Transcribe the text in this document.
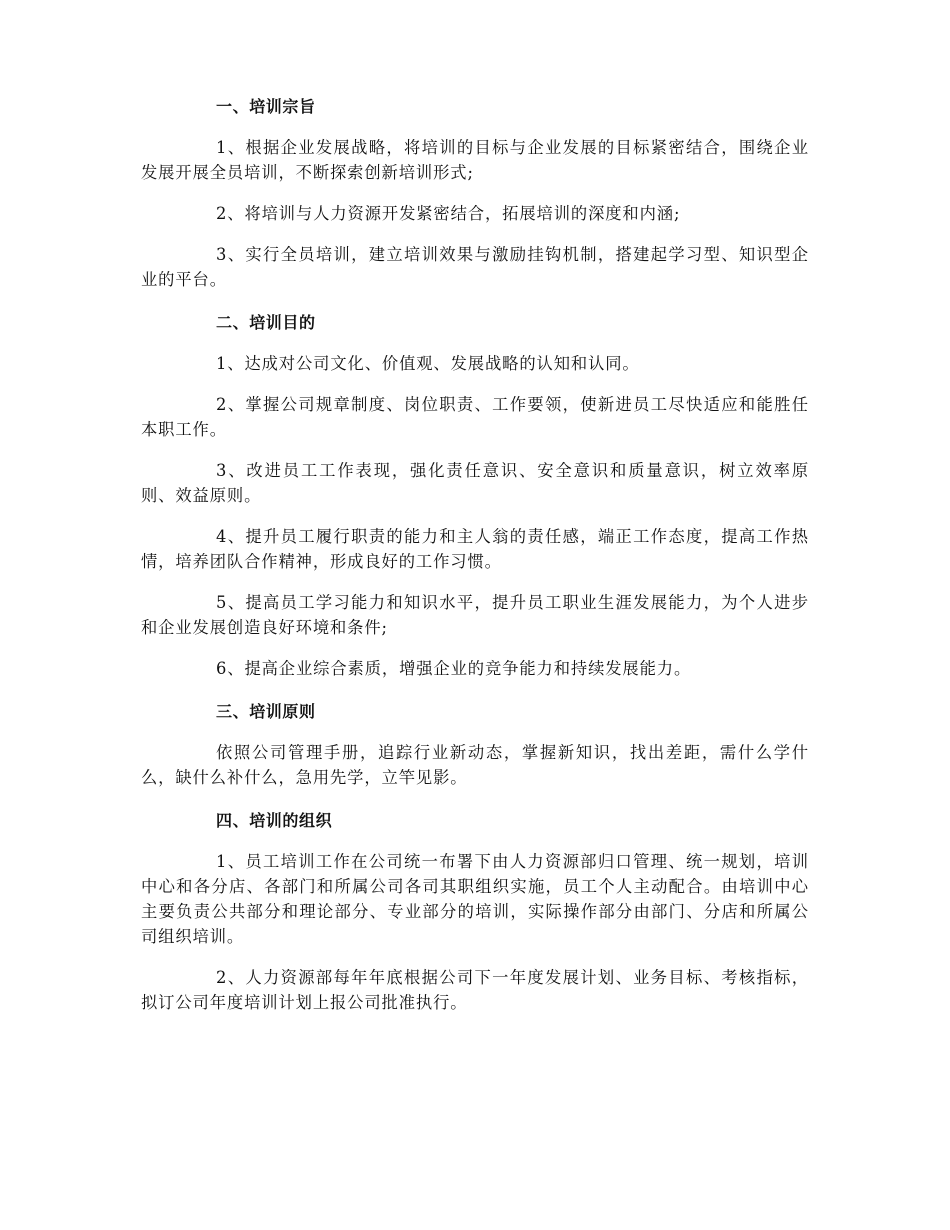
一、培训宗旨

1、根据企业发展战略，将培训的目标与企业发展的目标紧密结合，围绕企业发展开展全员培训，不断探索创新培训形式;

2、将培训与人力资源开发紧密结合，拓展培训的深度和内涵;

3、实行全员培训，建立培训效果与激励挂钩机制，搭建起学习型、知识型企业的平台。

二、培训目的

1、达成对公司文化、价值观、发展战略的认知和认同。

2、掌握公司规章制度、岗位职责、工作要领，使新进员工尽快适应和能胜任本职工作。

3、改进员工工作表现，强化责任意识、安全意识和质量意识，树立效率原则、效益原则。

4、提升员工履行职责的能力和主人翁的责任感，端正工作态度，提高工作热情，培养团队合作精神，形成良好的工作习惯。

5、提高员工学习能力和知识水平，提升员工职业生涯发展能力，为个人进步和企业发展创造良好环境和条件;

6、提高企业综合素质，增强企业的竞争能力和持续发展能力。

三、培训原则

依照公司管理手册，追踪行业新动态，掌握新知识，找出差距，需什么学什么，缺什么补什么，急用先学，立竿见影。

四、培训的组织

1、员工培训工作在公司统一布署下由人力资源部归口管理、统一规划，培训中心和各分店、各部门和所属公司各司其职组织实施，员工个人主动配合。由培训中心主要负责公共部分和理论部分、专业部分的培训，实际操作部分由部门、分店和所属公司组织培训。

2、人力资源部每年年底根据公司下一年度发展计划、业务目标、考核指标，拟订公司年度培训计划上报公司批准执行。
